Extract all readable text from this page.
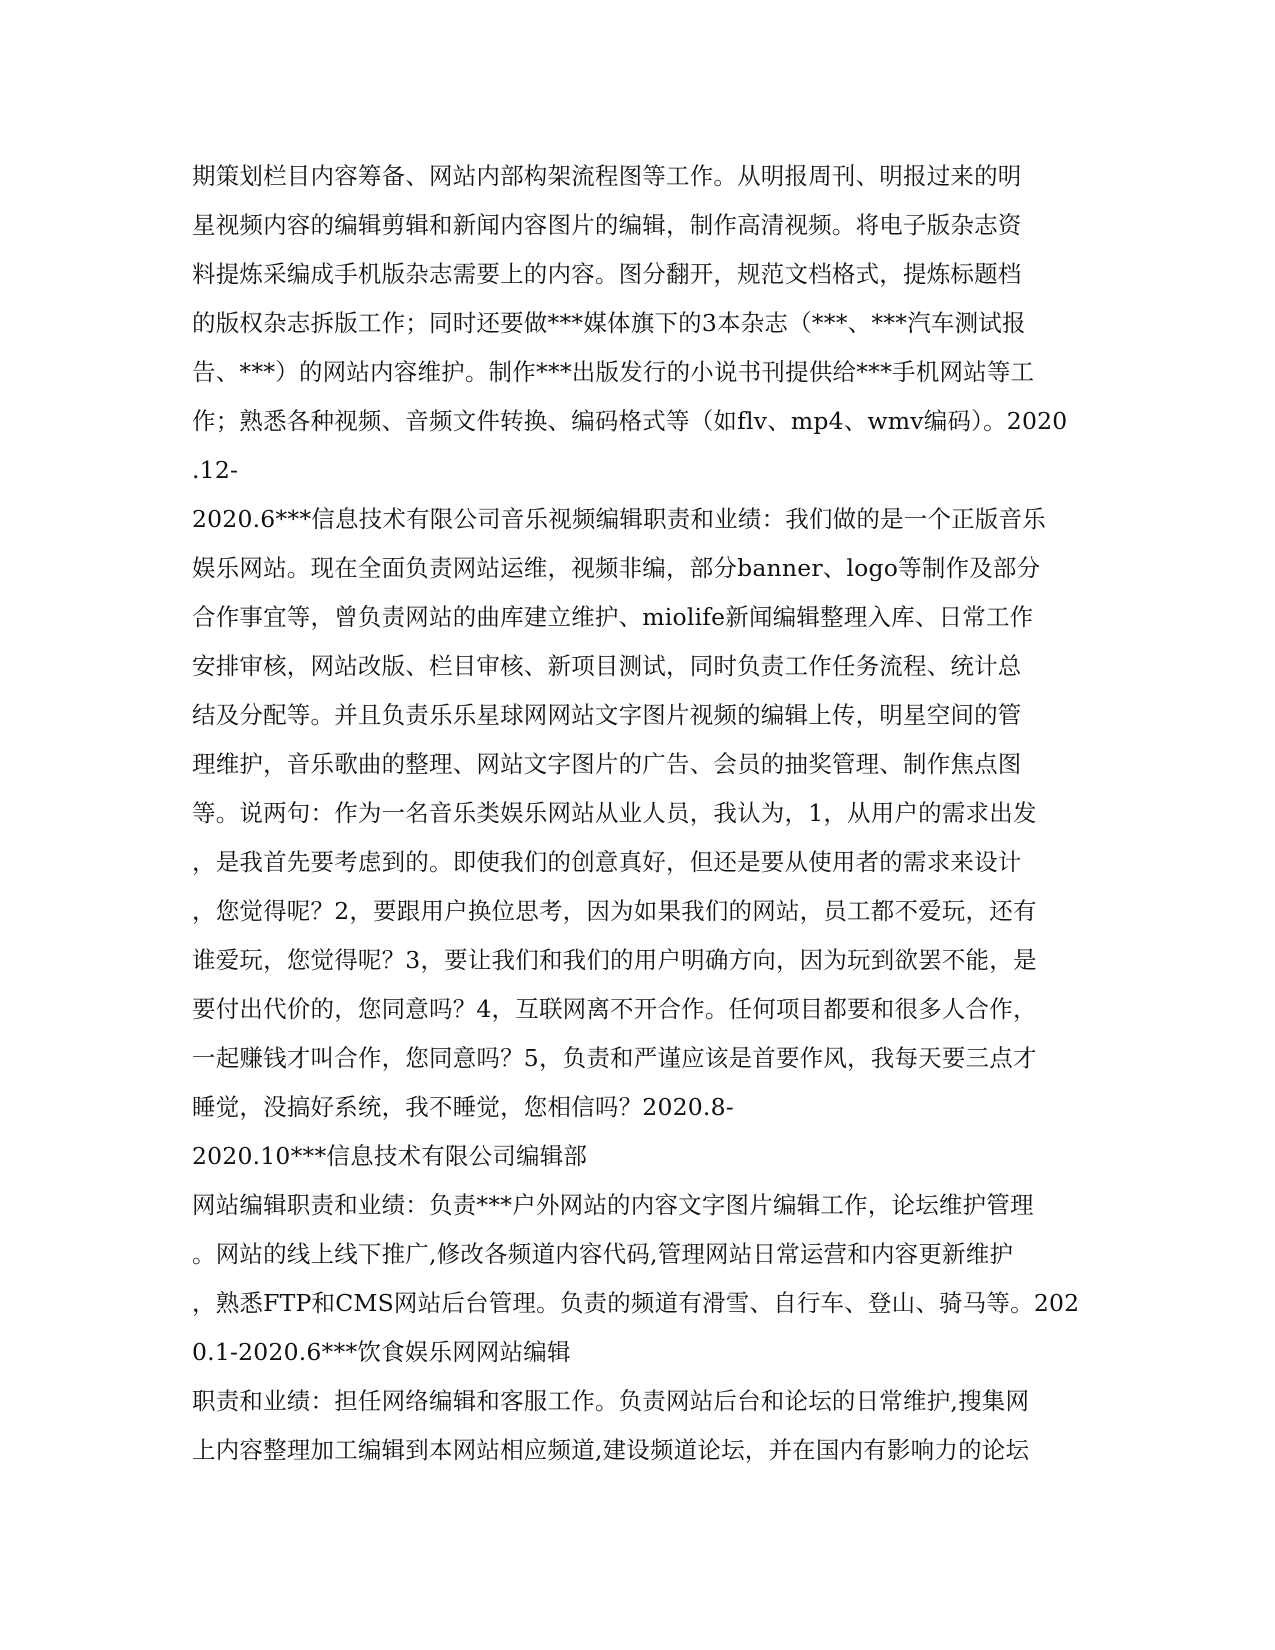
期策划栏目内容筹备、网站内部构架流程图等工作。从明报周刊、明报过来的明
星视频内容的编辑剪辑和新闻内容图片的编辑，制作高清视频。将电子版杂志资
料提炼采编成手机版杂志需要上的内容。图分翻开，规范文档格式，提炼标题档
的版权杂志拆版工作；同时还要做***媒体旗下的3本杂志（***、***汽车测试报
告、***）的网站内容维护。制作***出版发行的小说书刊提供给***手机网站等工
作；熟悉各种视频、音频文件转换、编码格式等（如flv、mp4、wmv编码）。2020
.12-
2020.6***信息技术有限公司音乐视频编辑职责和业绩：我们做的是一个正版音乐
娱乐网站。现在全面负责网站运维，视频非编，部分banner、logo等制作及部分
合作事宜等，曾负责网站的曲库建立维护、miolife新闻编辑整理入库、日常工作
安排审核，网站改版、栏目审核、新项目测试，同时负责工作任务流程、统计总
结及分配等。并且负责乐乐星球网网站文字图片视频的编辑上传，明星空间的管
理维护，音乐歌曲的整理、网站文字图片的广告、会员的抽奖管理、制作焦点图
等。说两句：作为一名音乐类娱乐网站从业人员，我认为，1，从用户的需求出发
，是我首先要考虑到的。即使我们的创意真好，但还是要从使用者的需求来设计
，您觉得呢？2，要跟用户换位思考，因为如果我们的网站，员工都不爱玩，还有
谁爱玩，您觉得呢？3，要让我们和我们的用户明确方向，因为玩到欲罢不能，是
要付出代价的，您同意吗？4，互联网离不开合作。任何项目都要和很多人合作，
一起赚钱才叫合作，您同意吗？5，负责和严谨应该是首要作风，我每天要三点才
睡觉，没搞好系统，我不睡觉，您相信吗？2020.8-
2020.10***信息技术有限公司编辑部
网站编辑职责和业绩：负责***户外网站的内容文字图片编辑工作，论坛维护管理
。网站的线上线下推广,修改各频道内容代码,管理网站日常运营和内容更新维护
，熟悉FTP和CMS网站后台管理。负责的频道有滑雪、自行车、登山、骑马等。202
0.1-2020.6***饮食娱乐网网站编辑
职责和业绩：担任网络编辑和客服工作。负责网站后台和论坛的日常维护,搜集网
上内容整理加工编辑到本网站相应频道,建设频道论坛，并在国内有影响力的论坛
